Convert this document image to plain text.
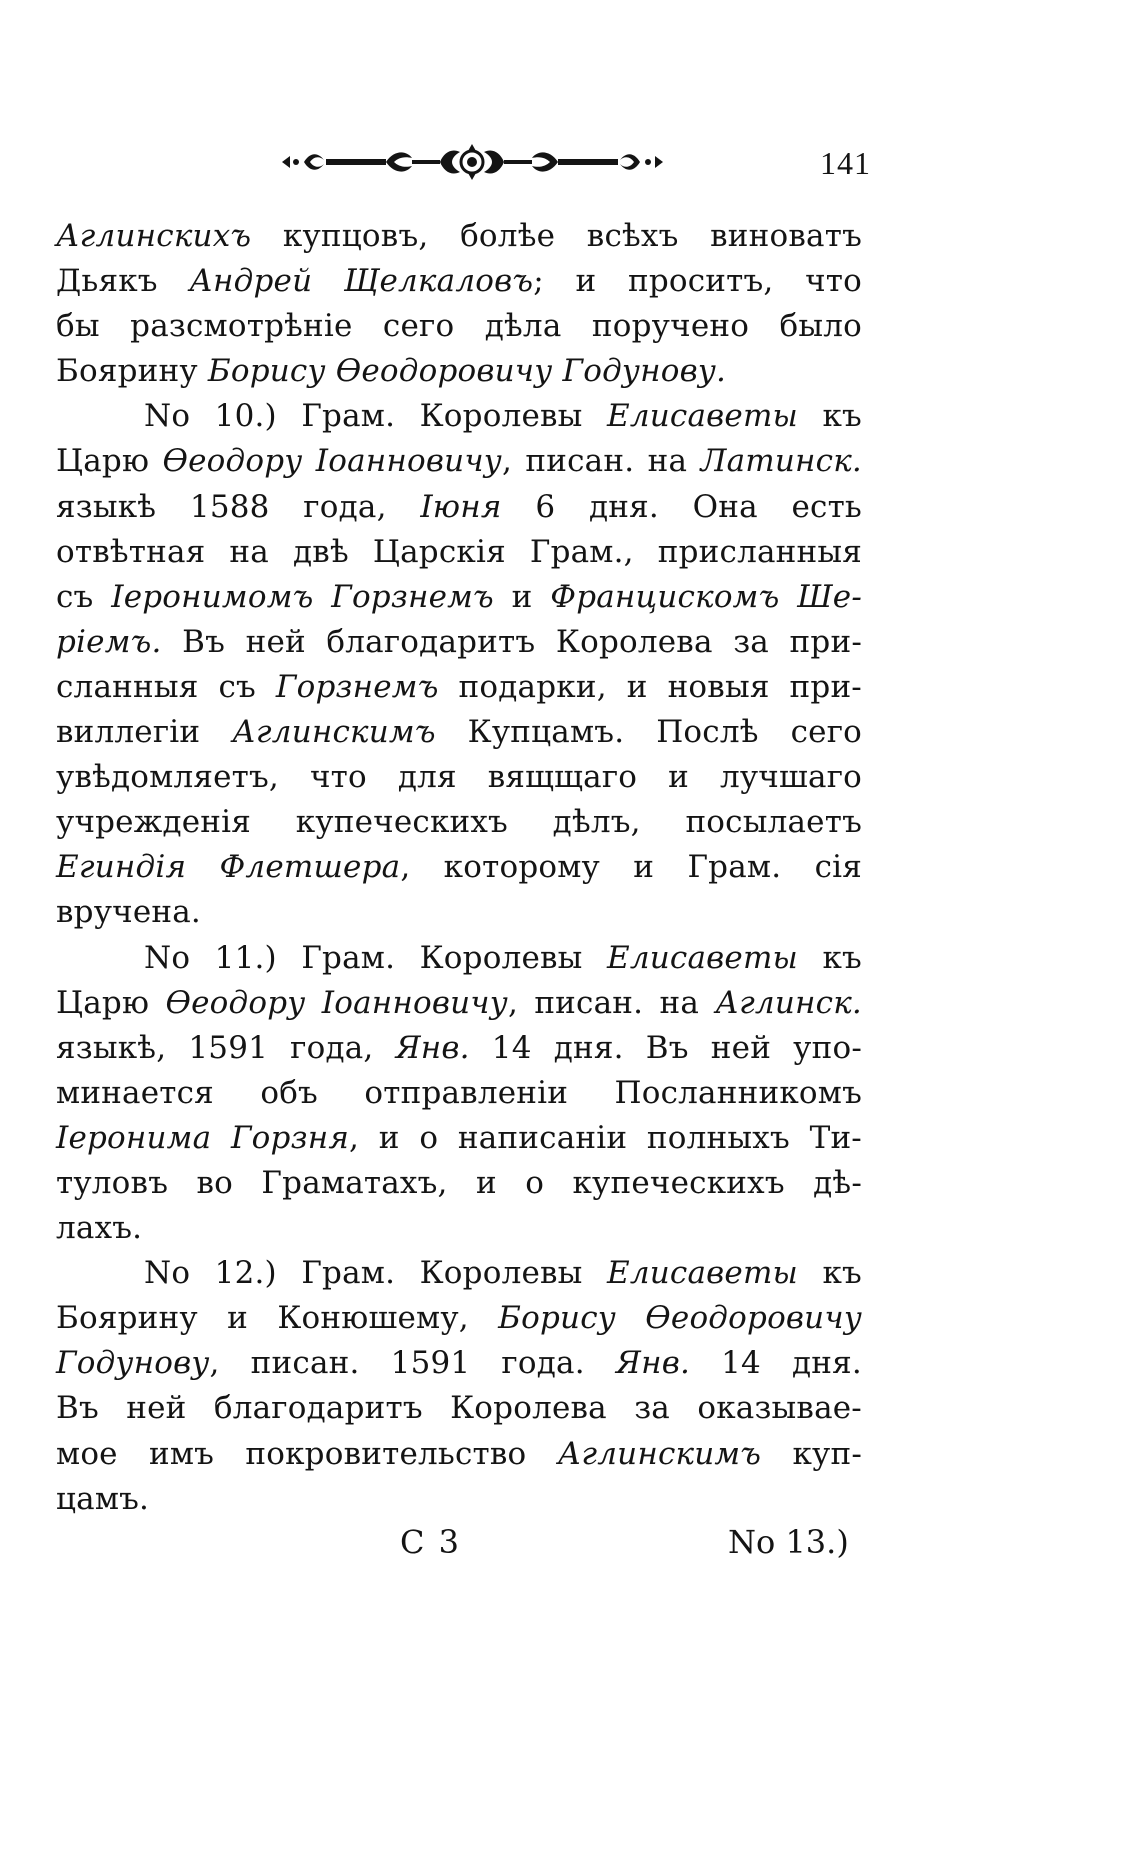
141
Аглинскихъ купцовъ, болѣе всѣхъ виноватъ
Дьякъ Андрей Щелкаловъ; и проситъ, что
бы разсмотрѣніе сего дѣла поручено было
Боярину Борису Ѳеодоровичу Годунову.
No 10.) Грам. Королевы Елисаветы къ
Царю Ѳеодору Іоанновичу, писан. на Латинск.
языкѣ 1588 года, Іюня 6 дня. Она есть
отвѣтная на двѣ Царскія Грам., присланныя
съ Іеронимомъ Горзнемъ и Францискомъ Ше-
ріемъ. Въ ней благодаритъ Королева за при-
сланныя съ Горзнемъ подарки, и новыя при-
виллегіи Аглинскимъ Купцамъ. Послѣ сего
увѣдомляетъ, что для вящщаго и лучшаго
учрежденія купеческихъ дѣлъ, посылаетъ
Егиндія Флетшера, которому и Грам. сія
вручена.
No 11.) Грам. Королевы Елисаветы къ
Царю Ѳеодору Іоанновичу, писан. на Аглинск.
языкѣ, 1591 года, Янв. 14 дня. Въ ней упо-
минается объ отправленіи Посланникомъ
Іеронима Горзня, и о написаніи полныхъ Ти-
туловъ во Граматахъ, и о купеческихъ дѣ-
лахъ.
No 12.) Грам. Королевы Елисаветы къ
Боярину и Конюшему, Борису Ѳеодоровичу
Годунову, писан. 1591 года. Янв. 14 дня.
Въ ней благодаритъ Королева за оказывае-
мое имъ покровительство Аглинскимъ куп-
цамъ.
С 3	No 13.)
